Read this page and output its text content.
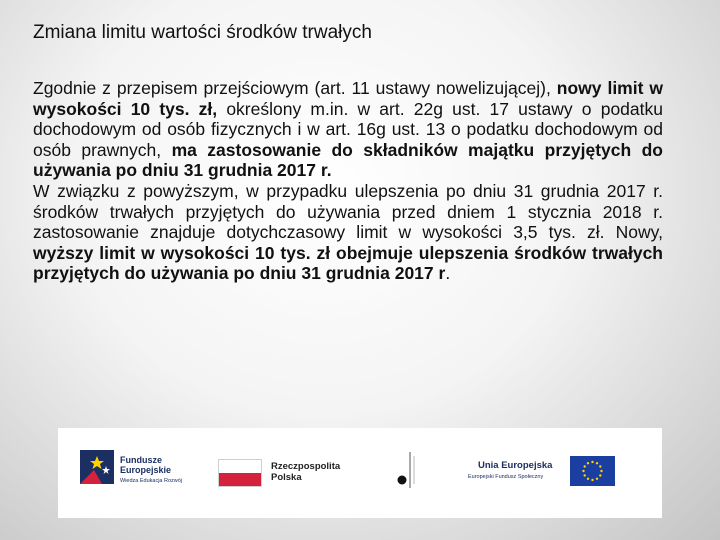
Zmiana limitu wartości środków trwałych

Zgodnie z przepisem przejściowym (art. 11 ustawy nowelizującej), nowy limit w wysokości 10 tys. zł, określony m.in. w art. 22g ust. 17 ustawy o podatku dochodowym od osób fizycznych i w art. 16g ust. 13 o podatku dochodowym od osób prawnych, ma zastosowanie do składników majątku przyjętych do używania po dniu 31 grudnia 2017 r.

W związku z powyższym, w przypadku ulepszenia po dniu 31 grudnia 2017 r. środków trwałych przyjętych do używania przed dniem 1 stycznia 2018 r. zastosowanie znajduje dotychczasowy limit w wysokości 3,5 tys. zł. Nowy, wyższy limit w wysokości 10 tys. zł obejmuje ulepszenia środków trwałych przyjętych do używania po dniu 31 grudnia 2017 r.

Fundusze
Europejskie
Wiedza Edukacja Rozwój
Rzeczpospolita
Polska
Unia Europejska
Europejski Fundusz Społeczny
